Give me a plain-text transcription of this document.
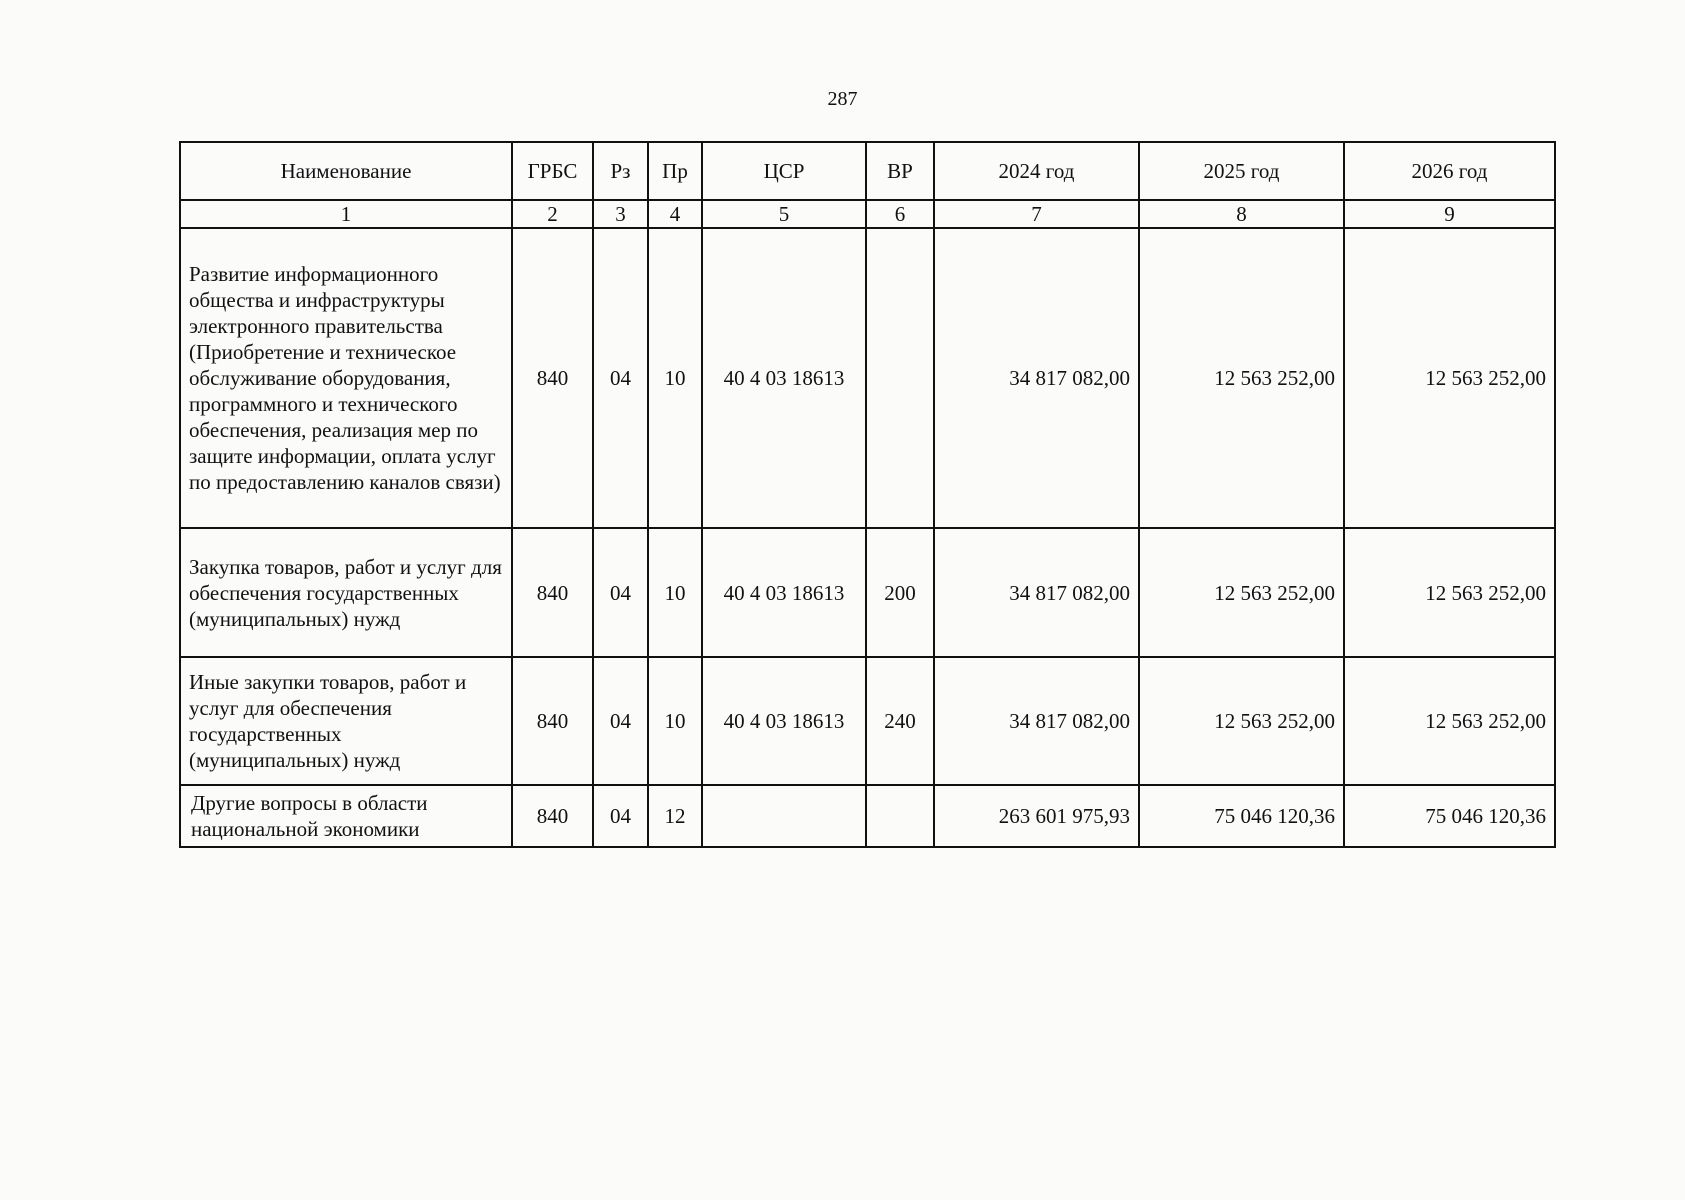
287
Наименование	ГРБС	Рз	Пр	ЦСР	ВР	2024 год	2025 год	2026 год
1	2	3	4	5	6	7	8	9
Развитие информационного общества и инфраструктуры электронного правительства (Приобретение и техническое обслуживание оборудования, программного и технического обеспечения, реализация мер по защите информации, оплата услуг по предоставлению каналов связи)	840	04	10	40 4 03 18613		34 817 082,00	12 563 252,00	12 563 252,00
Закупка товаров, работ и услуг для обеспечения государственных (муниципальных) нужд	840	04	10	40 4 03 18613	200	34 817 082,00	12 563 252,00	12 563 252,00
Иные закупки товаров, работ и услуг для обеспечения государственных (муниципальных) нужд	840	04	10	40 4 03 18613	240	34 817 082,00	12 563 252,00	12 563 252,00
Другие вопросы в области национальной экономики	840	04	12			263 601 975,93	75 046 120,36	75 046 120,36
